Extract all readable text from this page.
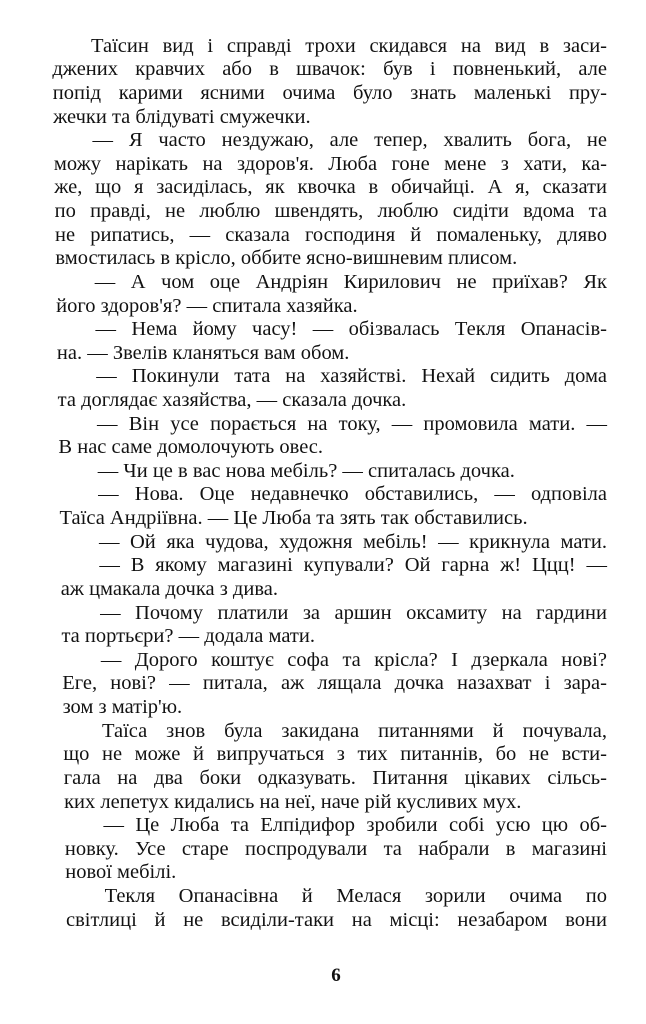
Таїсин вид і справді трохи скидався на вид в заси-
джених кравчих або в швачок: був і повненький, але
попід карими ясними очима було знать маленькі пру-
жечки та блідуваті смужечки.
— Я часто нездужаю, але тепер, хвалить бога, не
можу нарікать на здоров'я. Люба гоне мене з хати, ка-
же, що я засиділась, як квочка в обичайці. А я, сказати
по правді, не люблю швендять, люблю сидіти вдома та
не рипатись, — сказала господиня й помаленьку, дляво
вмостилась в крісло, оббите ясно-вишневим плисом.
— А чом оце Андріян Кирилович не приїхав? Як
його здоров'я? — спитала хазяйка.
— Нема йому часу! — обізвалась Текля Опанасів-
на. — Звелів кланяться вам обом.
— Покинули тата на хазяйстві. Нехай сидить дома
та доглядає хазяйства, — сказала дочка.
— Він усе порається на току, — промовила мати. —
В нас саме домолочують овес.
— Чи це в вас нова мебіль? — спиталась дочка.
— Нова. Оце недавнечко обставились, — одповіла
Таїса Андріївна. — Це Люба та зять так обставились.
— Ой яка чудова, художня мебіль! — крикнула мати.
— В якому магазині купували? Ой гарна ж! Ццц! —
аж цмакала дочка з дива.
— Почому платили за аршин оксамиту на гардини
та портьєри? — додала мати.
— Дорого коштує софа та крісла? І дзеркала нові?
Еге, нові? — питала, аж лящала дочка назахват і зара-
зом з матір'ю.
Таїса знов була закидана питаннями й почувала,
що не може й випручаться з тих питаннів, бо не всти-
гала на два боки одказувать. Питання цікавих сільсь-
ких лепетух кидались на неї, наче рій кусливих мух.
— Це Люба та Елпідифор зробили собі усю цю об-
новку. Усе старе поспродували та набрали в магазині
нової мебілі.
Текля Опанасівна й Мелася зорили очима по
світлиці й не всиділи-таки на місці: незабаром вони
6
